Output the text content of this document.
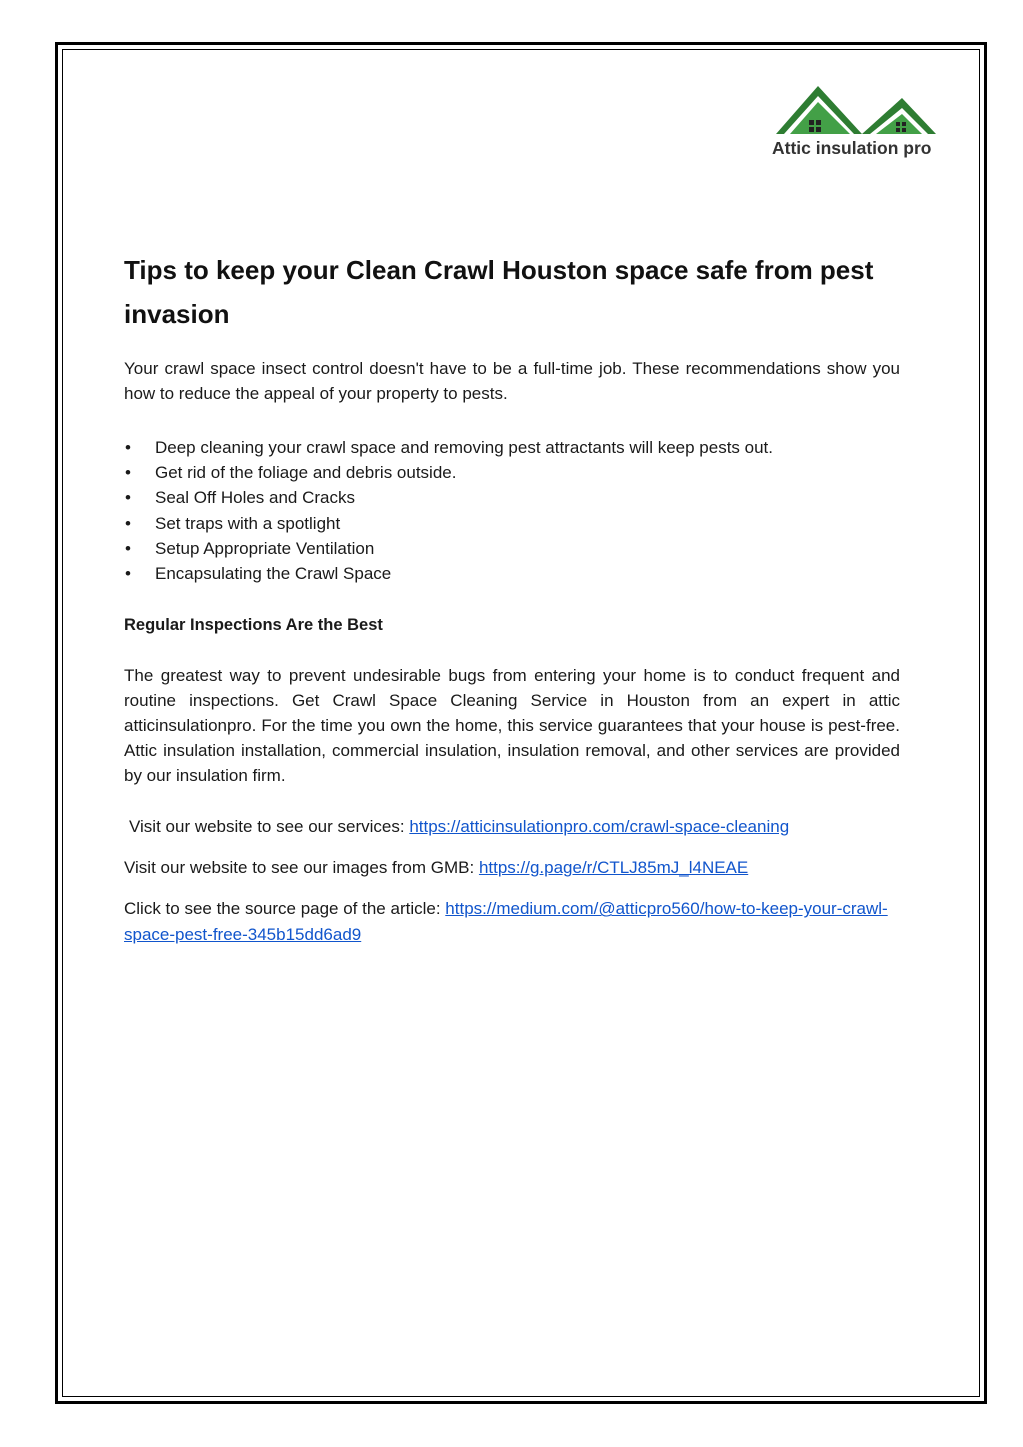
Attic insulation pro
Tips to keep your Clean Crawl Houston space safe from pest invasion

Your crawl space insect control doesn't have to be a full-time job. These recommendations show you how to reduce the appeal of your property to pests.

• Deep cleaning your crawl space and removing pest attractants will keep pests out.
• Get rid of the foliage and debris outside.
• Seal Off Holes and Cracks
• Set traps with a spotlight
• Setup Appropriate Ventilation
• Encapsulating the Crawl Space

Regular Inspections Are the Best

The greatest way to prevent undesirable bugs from entering your home is to conduct frequent and routine inspections. Get Crawl Space Cleaning Service in Houston from an expert in attic atticinsulationpro. For the time you own the home, this service guarantees that your house is pest-free. Attic insulation installation, commercial insulation, insulation removal, and other services are provided by our insulation firm.

Visit our website to see our services: https://atticinsulationpro.com/crawl-space-cleaning

Visit our website to see our images from GMB: https://g.page/r/CTLJ85mJ_l4NEAE

Click to see the source page of the article: https://medium.com/@atticpro560/how-to-keep-your-crawl-space-pest-free-345b15dd6ad9
